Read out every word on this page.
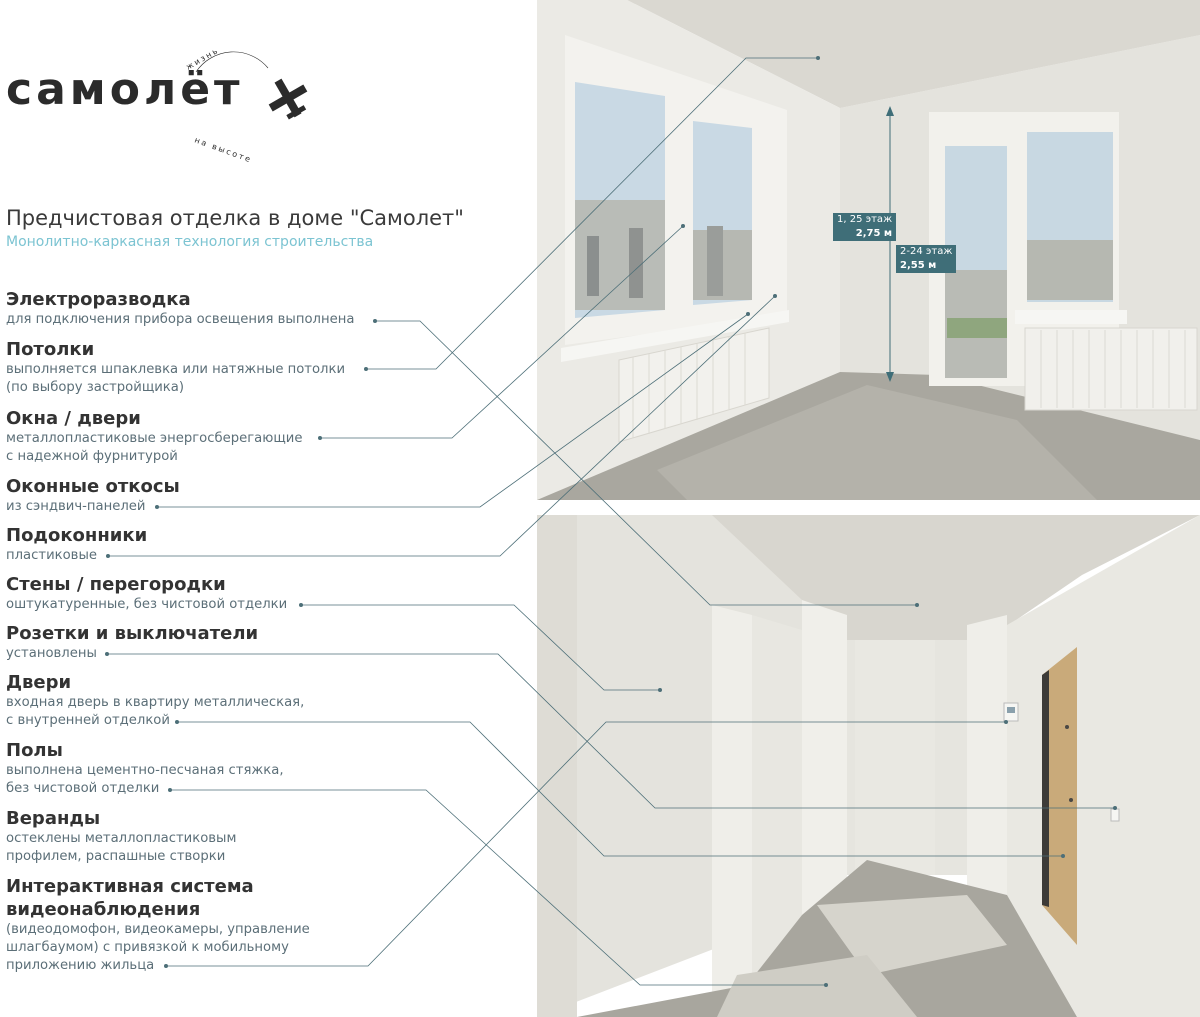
жизнь
на высоте
самолёт
Предчистовая отделка в доме "Самолет"
Монолитно-каркасная технология строительства
Электроразводка
для подключения прибора освещения выполнена
Потолки
выполняется шпаклевка или натяжные потолки
(по выбору застройщика)
Окна / двери
металлопластиковые энергосберегающие
с надежной фурнитурой
Оконные откосы
из сэндвич-панелей
Подоконники
пластиковые
Стены / перегородки
оштукатуренные, без чистовой отделки
Розетки и выключатели
установлены
Двери
входная дверь в квартиру металлическая,
с внутренней отделкой
Полы
выполнена цементно-песчаная стяжка,
без чистовой отделки
Веранды
остеклены металлопластиковым
профилем, распашные створки
Интерактивная система
видеонаблюдения
(видеодомофон, видеокамеры, управление
шлагбаумом) с привязкой к мобильному
приложению жильца
1, 25 этаж
2,75 м
2-24 этаж
2,55 м
